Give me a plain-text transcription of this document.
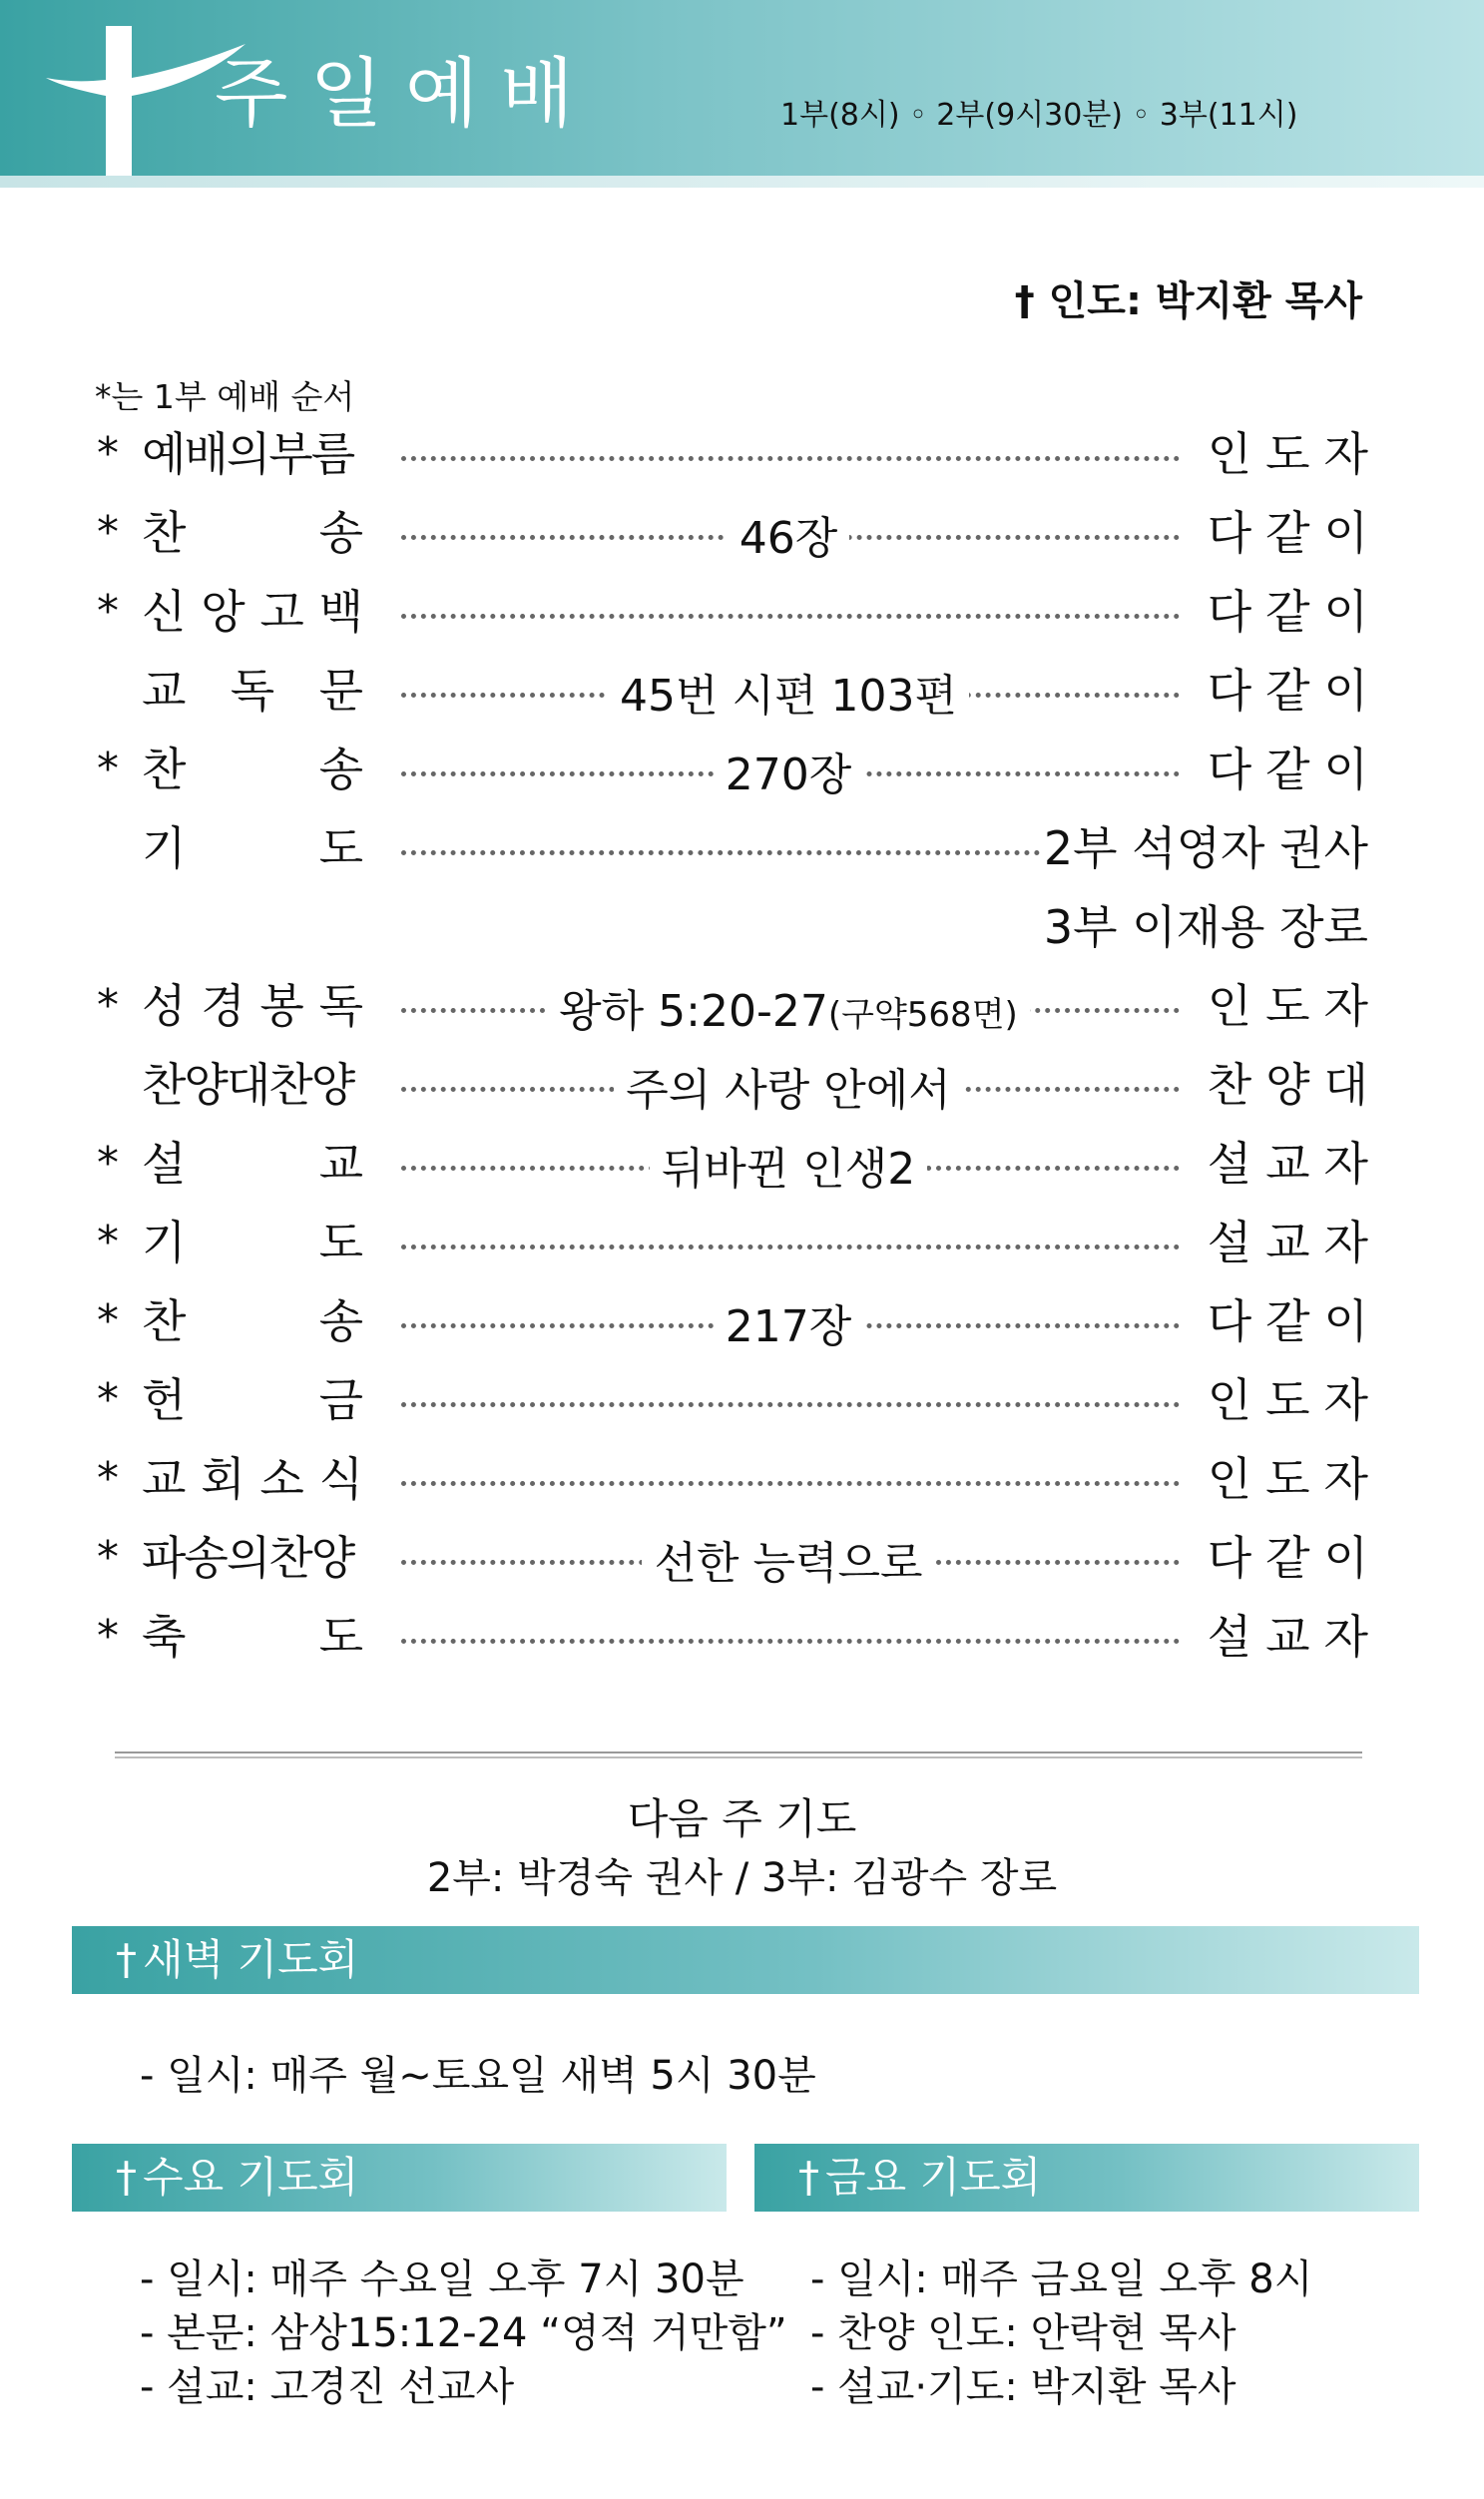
주일예배	1부(8시) ◦ 2부(9시30분) ◦ 3부(11시)
† 인도: 박지환 목사
*는 1부 예배 순서
* 예배의부름	인도자
* 찬	송	46장	다같이
* 신 앙 고 백	다같이
교 독 문	45번 시편 103편	다같이
* 찬	송	270장	다같이
기	도	2부 석영자 권사
3부 이재용 장로
* 성 경 봉 독	왕하 5:20-27(구약568면)	인도자
찬양대찬양	주의 사랑 안에서	찬양대
* 설	교	뒤바뀐 인생2	설교자
* 기	도	설교자
* 찬	송	217장	다같이
* 헌	금	인도자
* 교 회 소 식	인도자
* 파송의찬양	선한 능력으로	다같이
* 축	도	설교자
다음 주 기도
2부: 박경숙 권사 / 3부: 김광수 장로
† 새벽 기도회
- 일시: 매주 월~토요일 새벽 5시 30분
† 수요 기도회	† 금요 기도회
- 일시: 매주 수요일 오후 7시 30분
- 본문: 삼상15:12-24 “영적 거만함”
- 설교: 고경진 선교사
- 일시: 매주 금요일 오후 8시
- 찬양 인도: 안락현 목사
- 설교·기도: 박지환 목사
